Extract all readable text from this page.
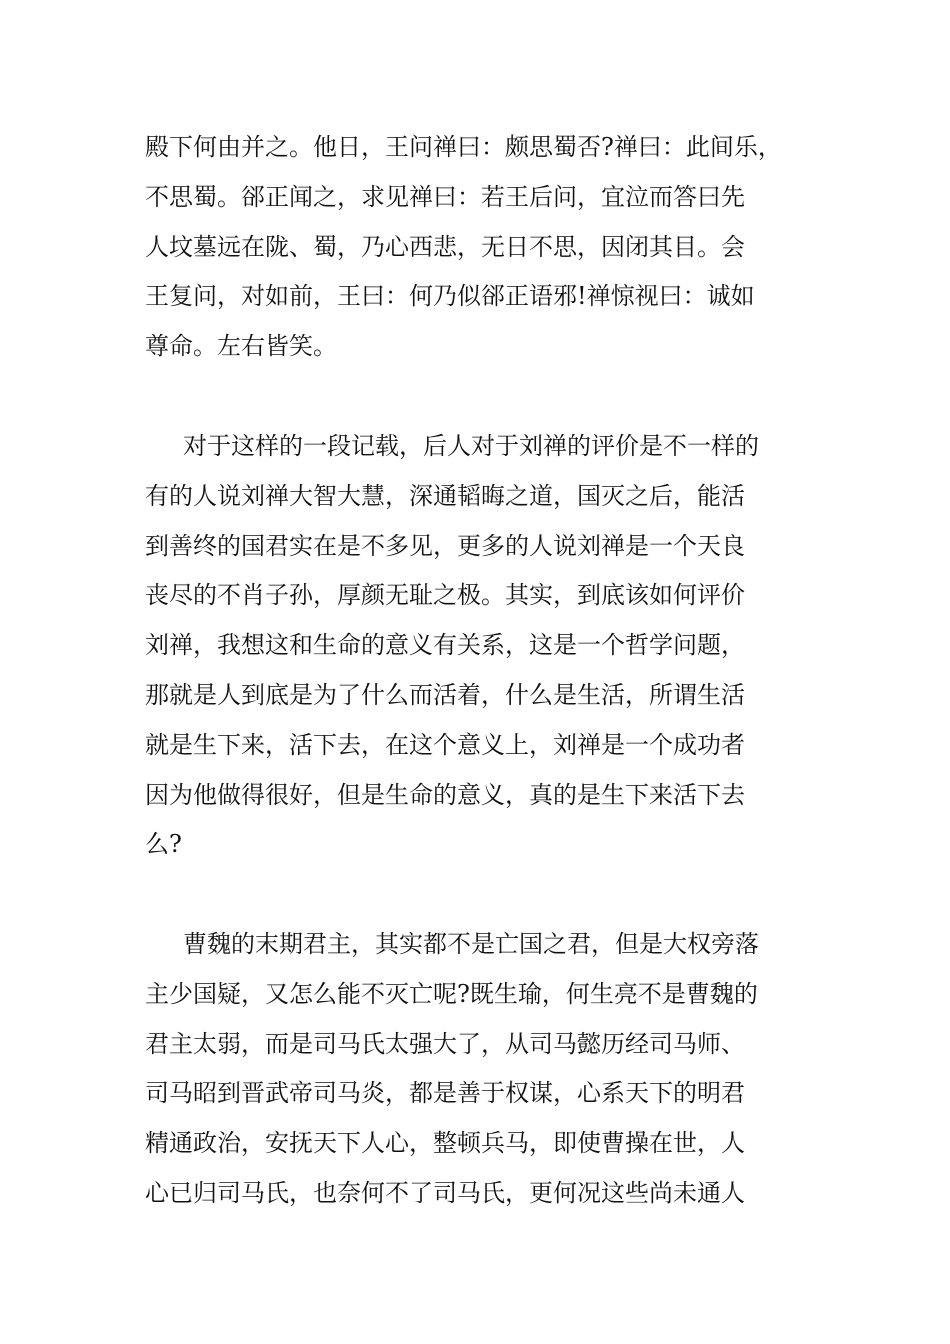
殿下何由并之。他日，王问禅曰：颇思蜀否?禅曰：此间乐，
不思蜀。郤正闻之，求见禅曰：若王后问，宜泣而答曰先
人坟墓远在陇、蜀，乃心西悲，无日不思，因闭其目。会
王复问，对如前，王曰：何乃似郤正语邪!禅惊视曰：诚如
尊命。左右皆笑。
对于这样的一段记载，后人对于刘禅的评价是不一样的
有的人说刘禅大智大慧，深通韬晦之道，国灭之后，能活
到善终的国君实在是不多见，更多的人说刘禅是一个天良
丧尽的不肖子孙，厚颜无耻之极。其实，到底该如何评价
刘禅，我想这和生命的意义有关系，这是一个哲学问题，
那就是人到底是为了什么而活着，什么是生活，所谓生活
就是生下来，活下去，在这个意义上，刘禅是一个成功者
因为他做得很好，但是生命的意义，真的是生下来活下去
么?
曹魏的末期君主，其实都不是亡国之君，但是大权旁落
主少国疑，又怎么能不灭亡呢?既生瑜，何生亮不是曹魏的
君主太弱，而是司马氏太强大了，从司马懿历经司马师、
司马昭到晋武帝司马炎，都是善于权谋，心系天下的明君
精通政治，安抚天下人心，整顿兵马，即使曹操在世，人
心已归司马氏，也奈何不了司马氏，更何况这些尚未通人
